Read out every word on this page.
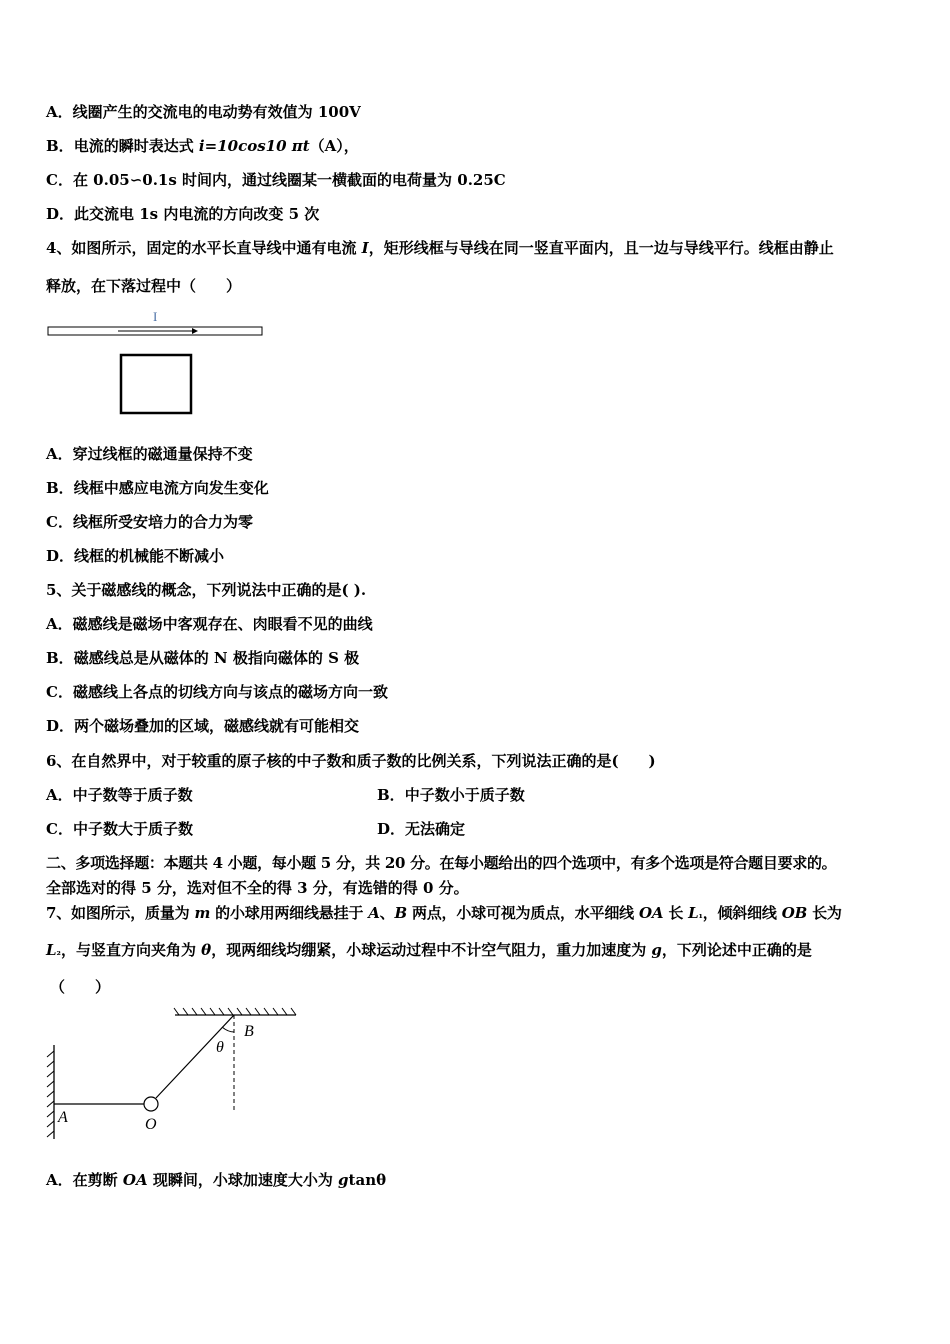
A．线圈产生的交流电的电动势有效值为 100V
B．电流的瞬时表达式 i=10cos10 πt（A），
C．在 0.05∽0.1s 时间内，通过线圈某一横截面的电荷量为 0.25C
D．此交流电 1s 内电流的方向改变 5 次
4、如图所示，固定的水平长直导线中通有电流 I，矩形线框与导线在同一竖直平面内，且一边与导线平行。线框由静止
释放，在下落过程中（　　）
I
A．穿过线框的磁通量保持不变
B．线框中感应电流方向发生变化
C．线框所受安培力的合力为零
D．线框的机械能不断减小
5、关于磁感线的概念，下列说法中正确的是( ).
A．磁感线是磁场中客观存在、肉眼看不见的曲线
B．磁感线总是从磁体的 N 极指向磁体的 S 极
C．磁感线上各点的切线方向与该点的磁场方向一致
D．两个磁场叠加的区域，磁感线就有可能相交
6、在自然界中，对于较重的原子核的中子数和质子数的比例关系，下列说法正确的是(　　)
A．中子数等于质子数	B．中子数小于质子数
C．中子数大于质子数	D．无法确定
二、多项选择题：本题共 4 小题，每小题 5 分，共 20 分。在每小题给出的四个选项中，有多个选项是符合题目要求的。
全部选对的得 5 分，选对但不全的得 3 分，有选错的得 0 分。
7、如图所示，质量为 m 的小球用两细线悬挂于 A、B 两点，小球可视为质点，水平细线 OA 长 L₁，倾斜细线 OB 长为
L₂，与竖直方向夹角为 θ，现两细线均绷紧，小球运动过程中不计空气阻力，重力加速度为 g，下列论述中正确的是
（　　）
A	O
B
θ
A．在剪断 OA 现瞬间，小球加速度大小为 gtanθ
